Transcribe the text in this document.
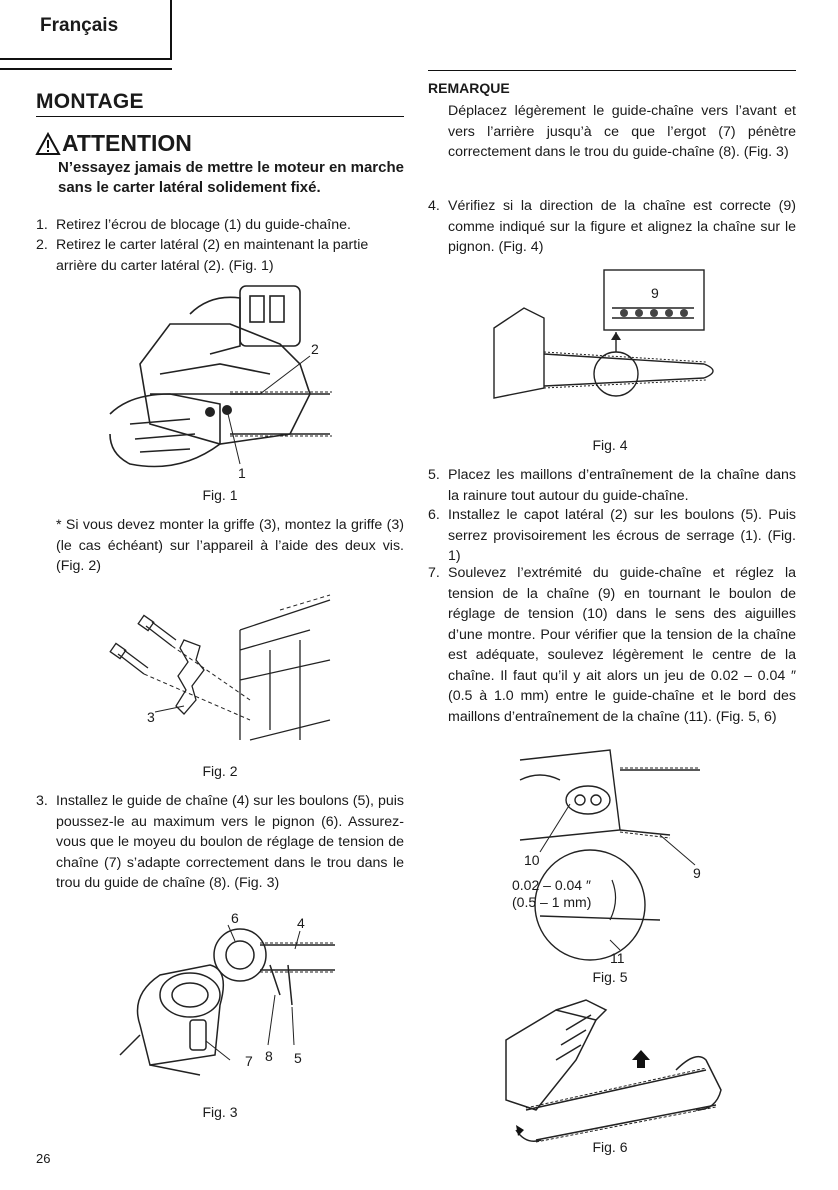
Français
MONTAGE
ATTENTION
N’essayez jamais de mettre le moteur en marche sans le carter latéral solidement fixé.
1. Retirez l’écrou de blocage (1) du guide-chaîne.
2. Retirez le carter latéral (2) en maintenant la partie arrière du carter latéral (2). (Fig. 1)
2
1
Fig. 1
* Si vous devez monter la griffe (3), montez la griffe (3) (le cas échéant) sur l’appareil à l’aide des deux vis. (Fig. 2)
3
Fig. 2
3. Installez le guide de chaîne (4) sur les boulons (5), puis poussez-le au maximum vers le pignon (6). Assurez-vous que le moyeu du boulon de réglage de tension de chaîne (7) s’adapte correctement dans le trou dans le trou du guide de chaîne (8). (Fig. 3)
6	4
7 8 5
Fig. 3
26
REMARQUE
Déplacez légèrement le guide-chaîne vers l’avant et vers l’arrière jusqu’à ce que l’ergot (7) pénètre correctement dans le trou du guide-chaîne (8). (Fig. 3)
4. Vérifiez si la direction de la chaîne est correcte (9) comme indiqué sur la figure et alignez la chaîne sur le pignon. (Fig. 4)
9
Fig. 4
5. Placez les maillons d’entraînement de la chaîne dans la rainure tout autour du guide-chaîne.
6. Installez le capot latéral (2) sur les boulons (5). Puis serrez provisoirement les écrous de serrage (1). (Fig. 1)
7. Soulevez l’extrémité du guide-chaîne et réglez la tension de la chaîne (9) en tournant le boulon de réglage de tension (10) dans le sens des aiguilles d’une montre. Pour vérifier que la tension de la chaîne est adéquate, soulevez légèrement le centre de la chaîne. Il faut qu’il y ait alors un jeu de 0.02 – 0.04 ″ (0.5 à 1.0 mm) entre le guide-chaîne et le bord des maillons d’entraînement de la chaîne (11). (Fig. 5, 6)
10
9
0.02 – 0.04 ″
(0.5 – 1 mm)
11
Fig. 5
Fig. 6
